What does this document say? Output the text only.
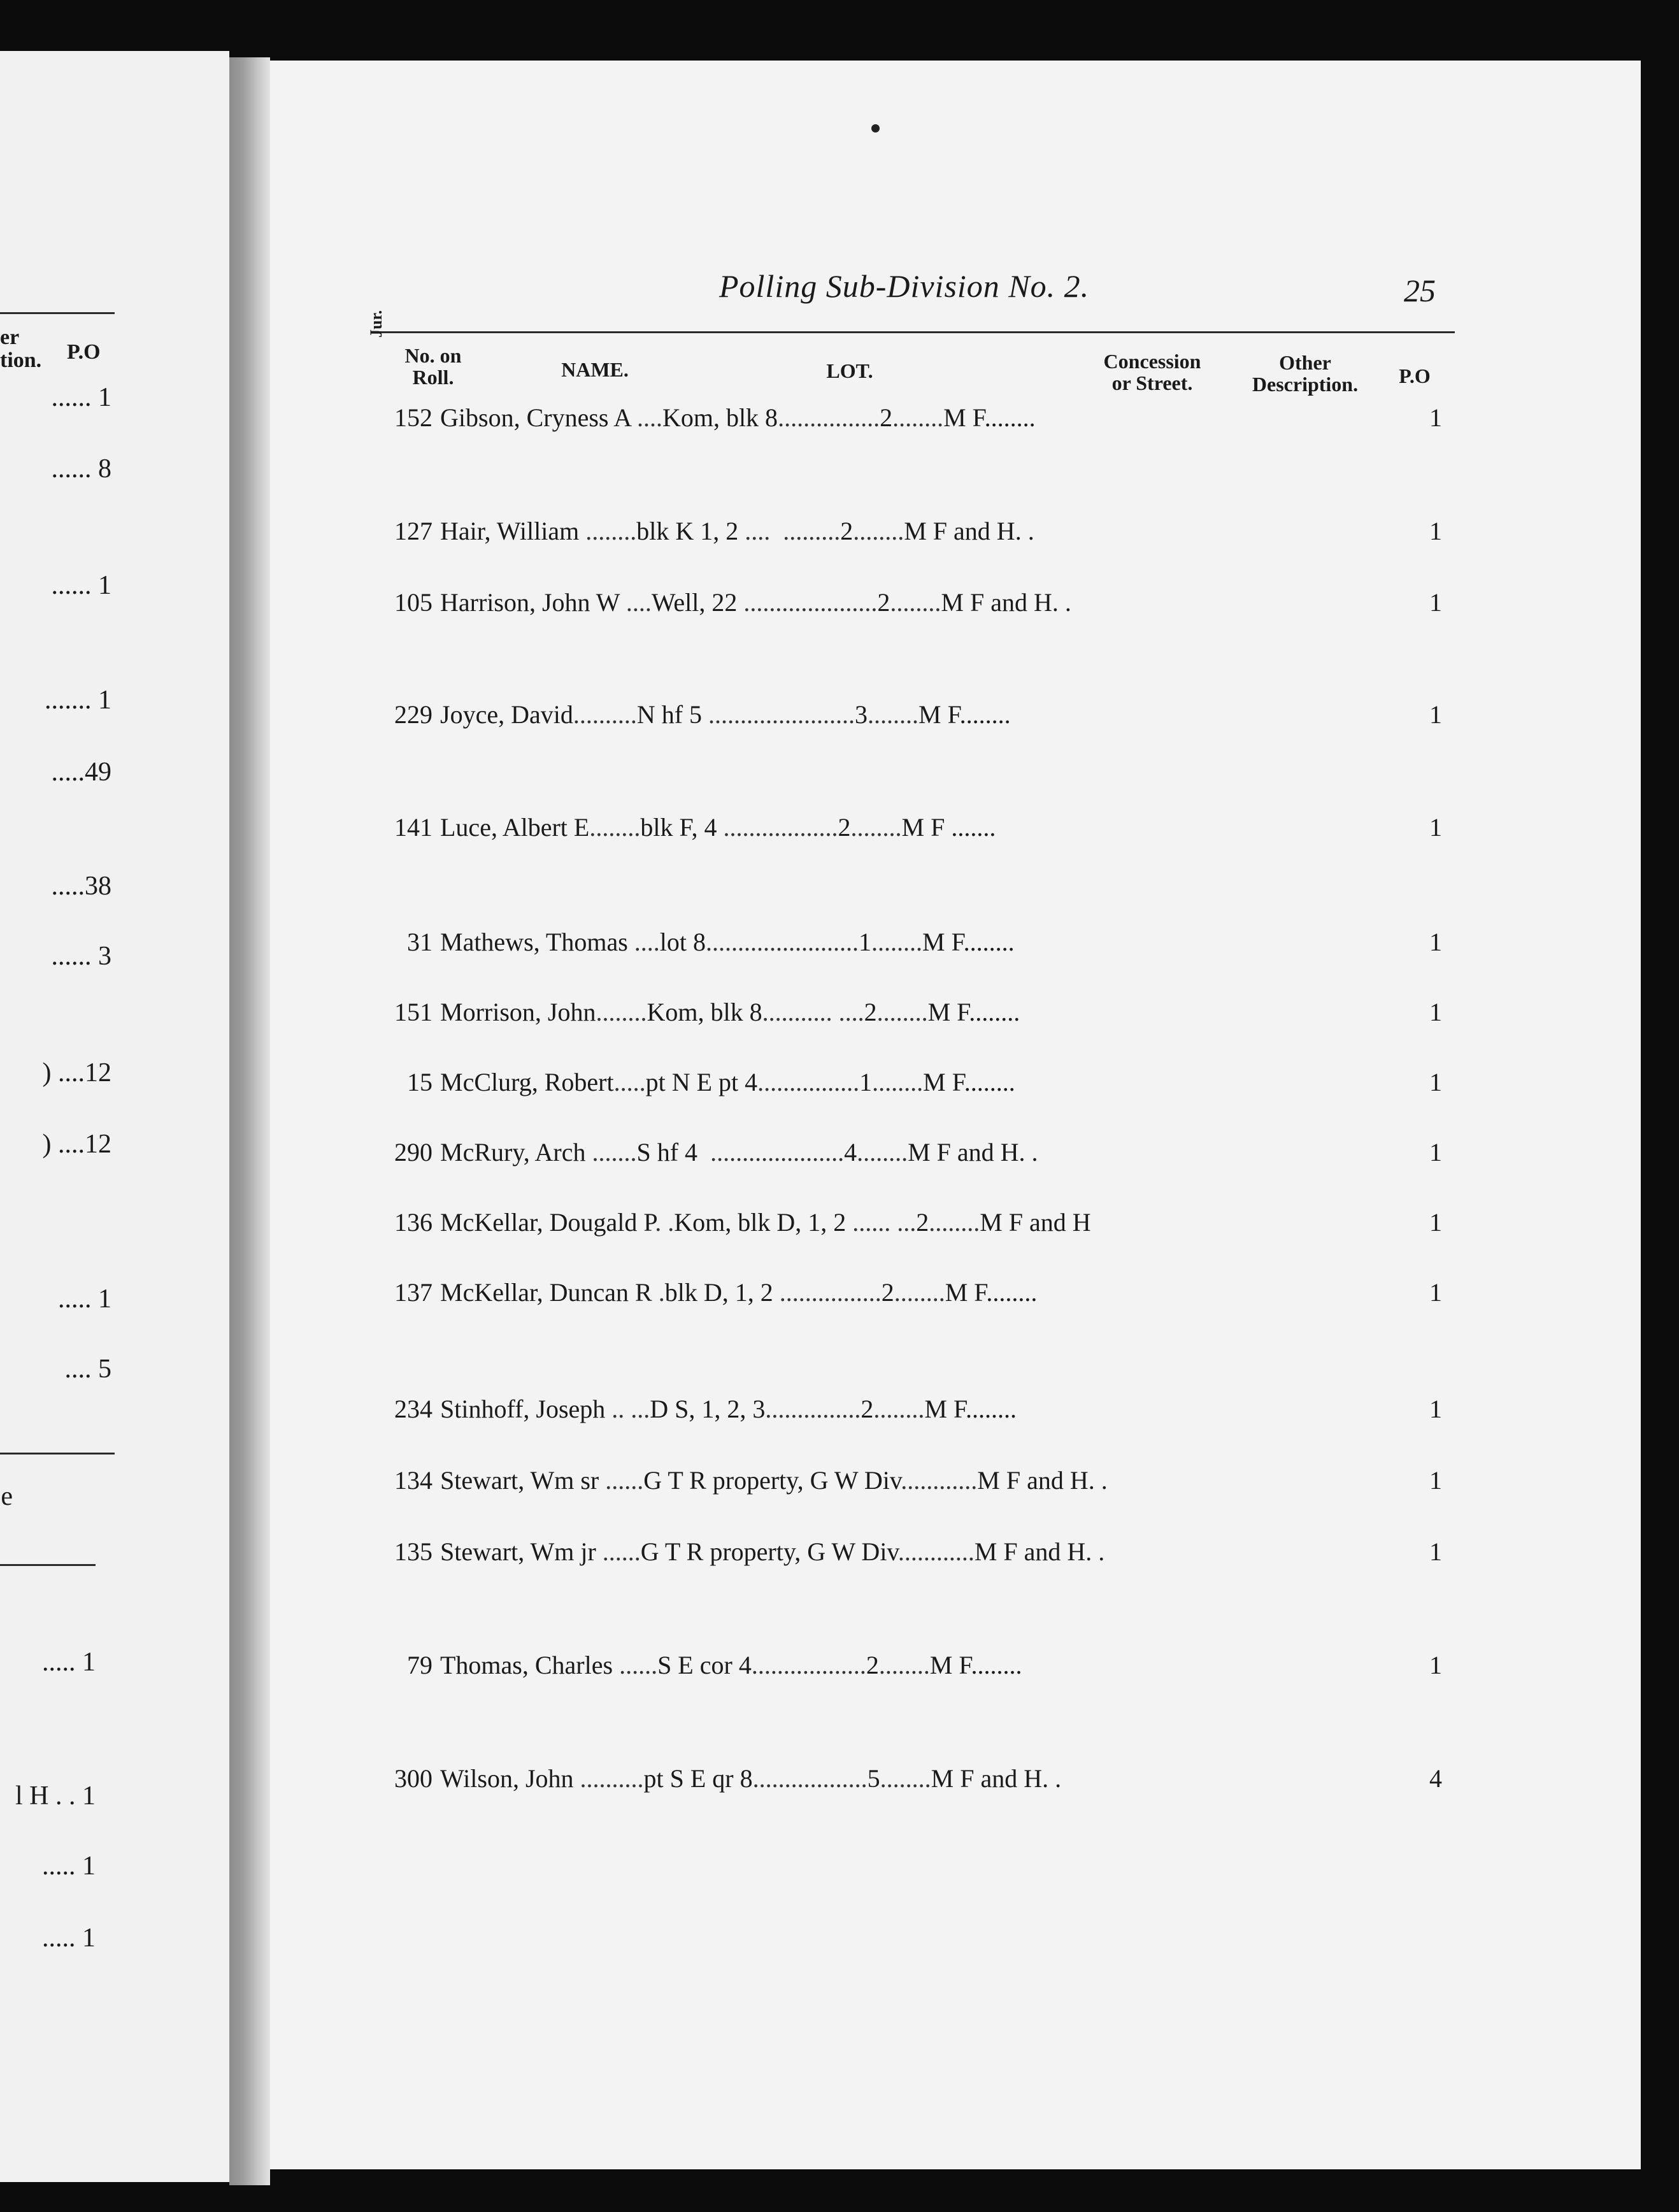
er
tion. P.O
...... 1
...... 8
...... 1
....... 1
.....49
.....38
...... 3
) ....12
) ....12
..... 1
.... 5
e
..... 1
l H . . 1
..... 1
..... 1
Polling Sub-Division No. 2.	25
Jur.
No. on
Roll.	NAME.	LOT.	Concession
or Street.
Other
Description.	P.O
152 Gibson, Cryness A ....Kom, blk 8................2........M F........	1
127 Hair, William ........blk K 1, 2 ....  .........2........M F and H. .	1
105 Harrison, John W ....Well, 22 .....................2........M F and H. .	1
229 Joyce, David..........N hf 5 .......................3........M F........	1
141 Luce, Albert E........blk F, 4 ..................2........M F .......	1
31 Mathews, Thomas ....lot 8........................1........M F........	1
151 Morrison, John........Kom, blk 8........... ....2........M F........	1
15 McClurg, Robert.....pt N E pt 4................1........M F........	1
290 McRury, Arch .......S hf 4  .....................4........M F and H. .	1
136 McKellar, Dougald P. .Kom, blk D, 1, 2 ...... ...2........M F and H	1
137 McKellar, Duncan R .blk D, 1, 2 ................2........M F........	1
234 Stinhoff, Joseph .. ...D S, 1, 2, 3...............2........M F........	1
134 Stewart, Wm sr ......G T R property, G W Div............M F and H. .	1
135 Stewart, Wm jr ......G T R property, G W Div............M F and H. .	1
79 Thomas, Charles ......S E cor 4..................2........M F........	1
300 Wilson, John ..........pt S E qr 8..................5........M F and H. .	4
